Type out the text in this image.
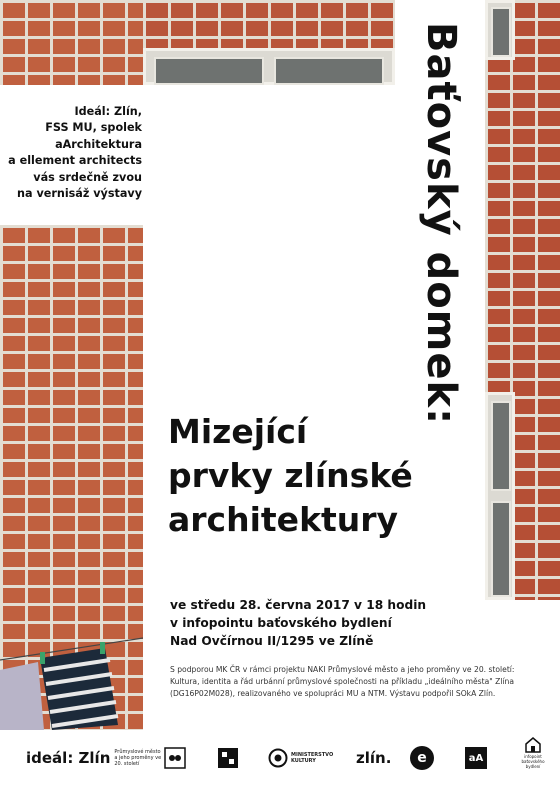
Baťovský domek:
Ideál: Zlín,
FSS MU, spolek
aArchitektura
a ellement architects
vás srdečně zvou
na vernisáž výstavy
Mizející
prvky zlínské
architektury
ve středu 28. června 2017 v 18 hodin
v infopointu baťovského bydlení
Nad Ovčírnou II/1295 ve Zlíně
S podporou MK ČR v rámci projektu NAKI Průmyslové město a jeho proměny ve 20. století: Kultura, identita a řád urbánní průmyslové společnosti na příkladu „ideálního města" Zlína (DG16P02M028), realizovaného ve spolupráci MU a NTM. Výstavu podpořil SOkA Zlín.
ideál: Zlín Průmyslové město a jeho proměny ve 20. století
MINISTERSTVO KULTURY	zlín. e	aA	infopoint baťovského bydlení
